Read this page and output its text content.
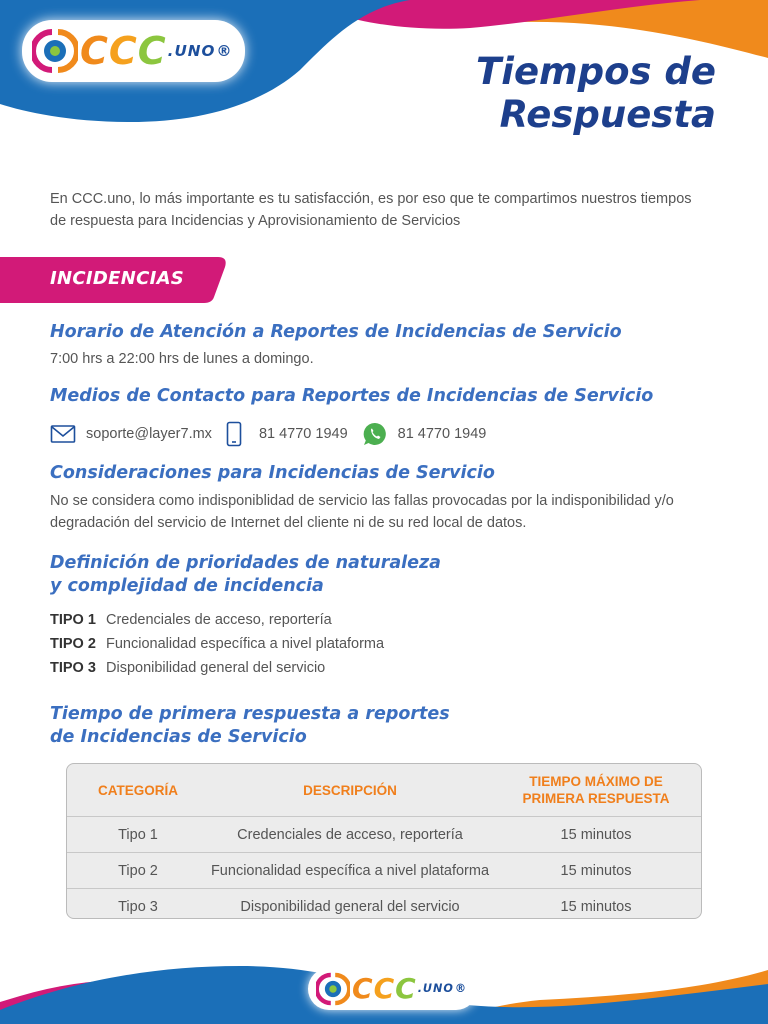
$CCC^{.UNO®}$	Tiempos de
Respuesta
En CCC.uno, lo más importante es tu satisfacción, es por eso que te compartimos nuestros tiempos
de respuesta para Incidencias y Aprovisionamiento de Servicios
INCIDENCIAS
Horario de Atención a Reportes de Incidencias de Servicio
7:00 hrs a 22:00 hrs de lunes a domingo.
Medios de Contacto para Reportes de Incidencias de Servicio
soporte@layer7.mx	81 4770 1949	81 4770 1949
Consideraciones para Incidencias de Servicio
No se considera como indisponiblidad de servicio las fallas provocadas por la indisponibilidad y/o
degradación del servicio de Internet del cliente ni de su red local de datos.
Definición de prioridades de naturaleza
y complejidad de incidencia
TIPO 1 Credenciales de acceso, reportería
TIPO 2 Funcionalidad específica a nivel plataforma
TIPO 3 Disponibilidad general del servicio
Tiempo de primera respuesta a reportes
de Incidencias de Servicio
CATEGORÍA	DESCRIPCIÓN	TIEMPO MÁXIMO DE
PRIMERA RESPUESTA

Tipo 1	Credenciales de acceso, reportería	15 minutos
Tipo 2	Funcionalidad específica a nivel plataforma	15 minutos
Tipo 3	Disponibilidad general del servicio	15 minutos
$CCC^{.UNO®}$
